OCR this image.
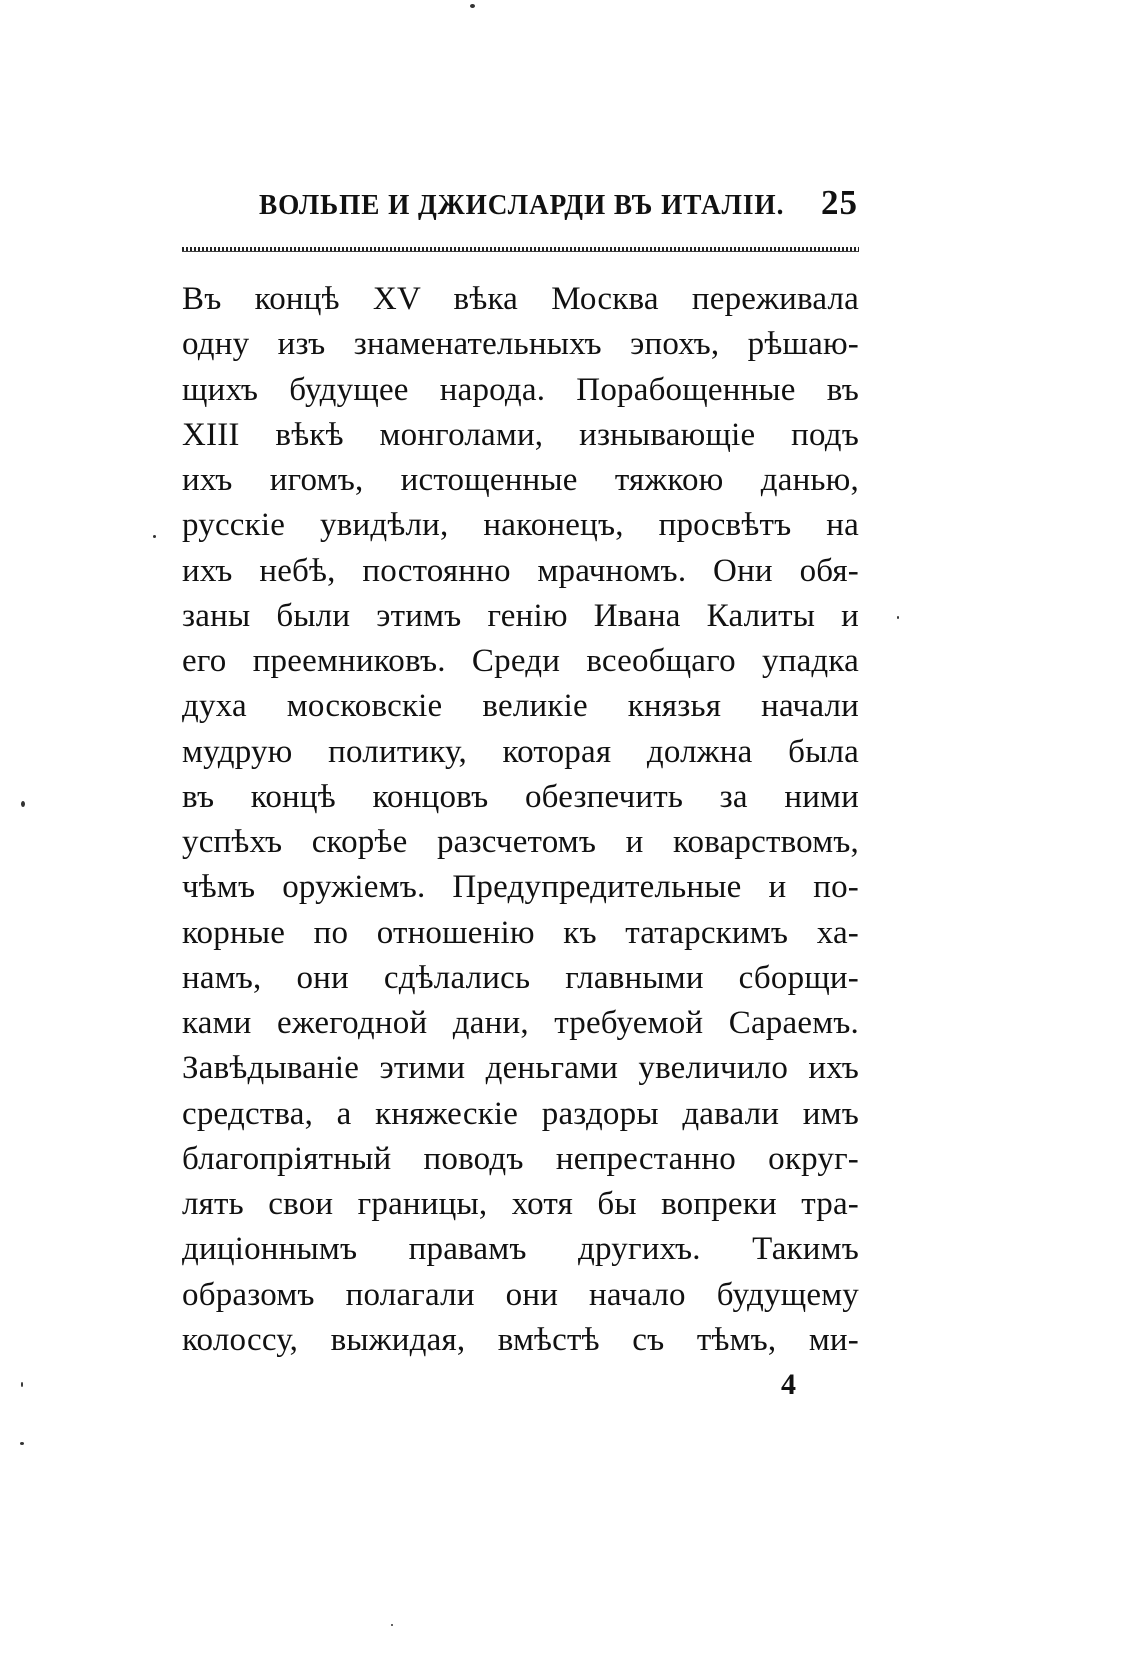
ВОЛЬПЕ И ДЖИСЛАРДИ ВЪ ИТАЛІИ. 25
Въ концѣ XV вѣка Москва переживала
одну изъ знаменательныхъ эпохъ, рѣшаю-
щихъ будущее народа. Порабощенные въ
XIII вѣкѣ монголами, изнывающіе подъ
ихъ игомъ, истощенные тяжкою данью,
русскіе увидѣли, наконецъ, просвѣтъ на
ихъ небѣ, постоянно мрачномъ. Они обя-
заны были этимъ генію Ивана Калиты и
его преемниковъ. Среди всеобщаго упадка
духа московскіе великіе князья начали
мудрую политику, которая должна была
въ концѣ концовъ обезпечить за ними
успѣхъ скорѣе разсчетомъ и коварствомъ,
чѣмъ оружіемъ. Предупредительные и по-
корные по отношенію къ татарскимъ ха-
намъ, они сдѣлались главными сборщи-
ками ежегодной дани, требуемой Сараемъ.
Завѣдываніе этими деньгами увеличило ихъ
средства, а княжескіе раздоры давали имъ
благопріятный поводъ непрестанно округ-
лять свои границы, хотя бы вопреки тра-
диціоннымъ правамъ другихъ. Такимъ
образомъ полагали они начало будущему
колоссу, выжидая, вмѣстѣ съ тѣмъ, ми-
4
